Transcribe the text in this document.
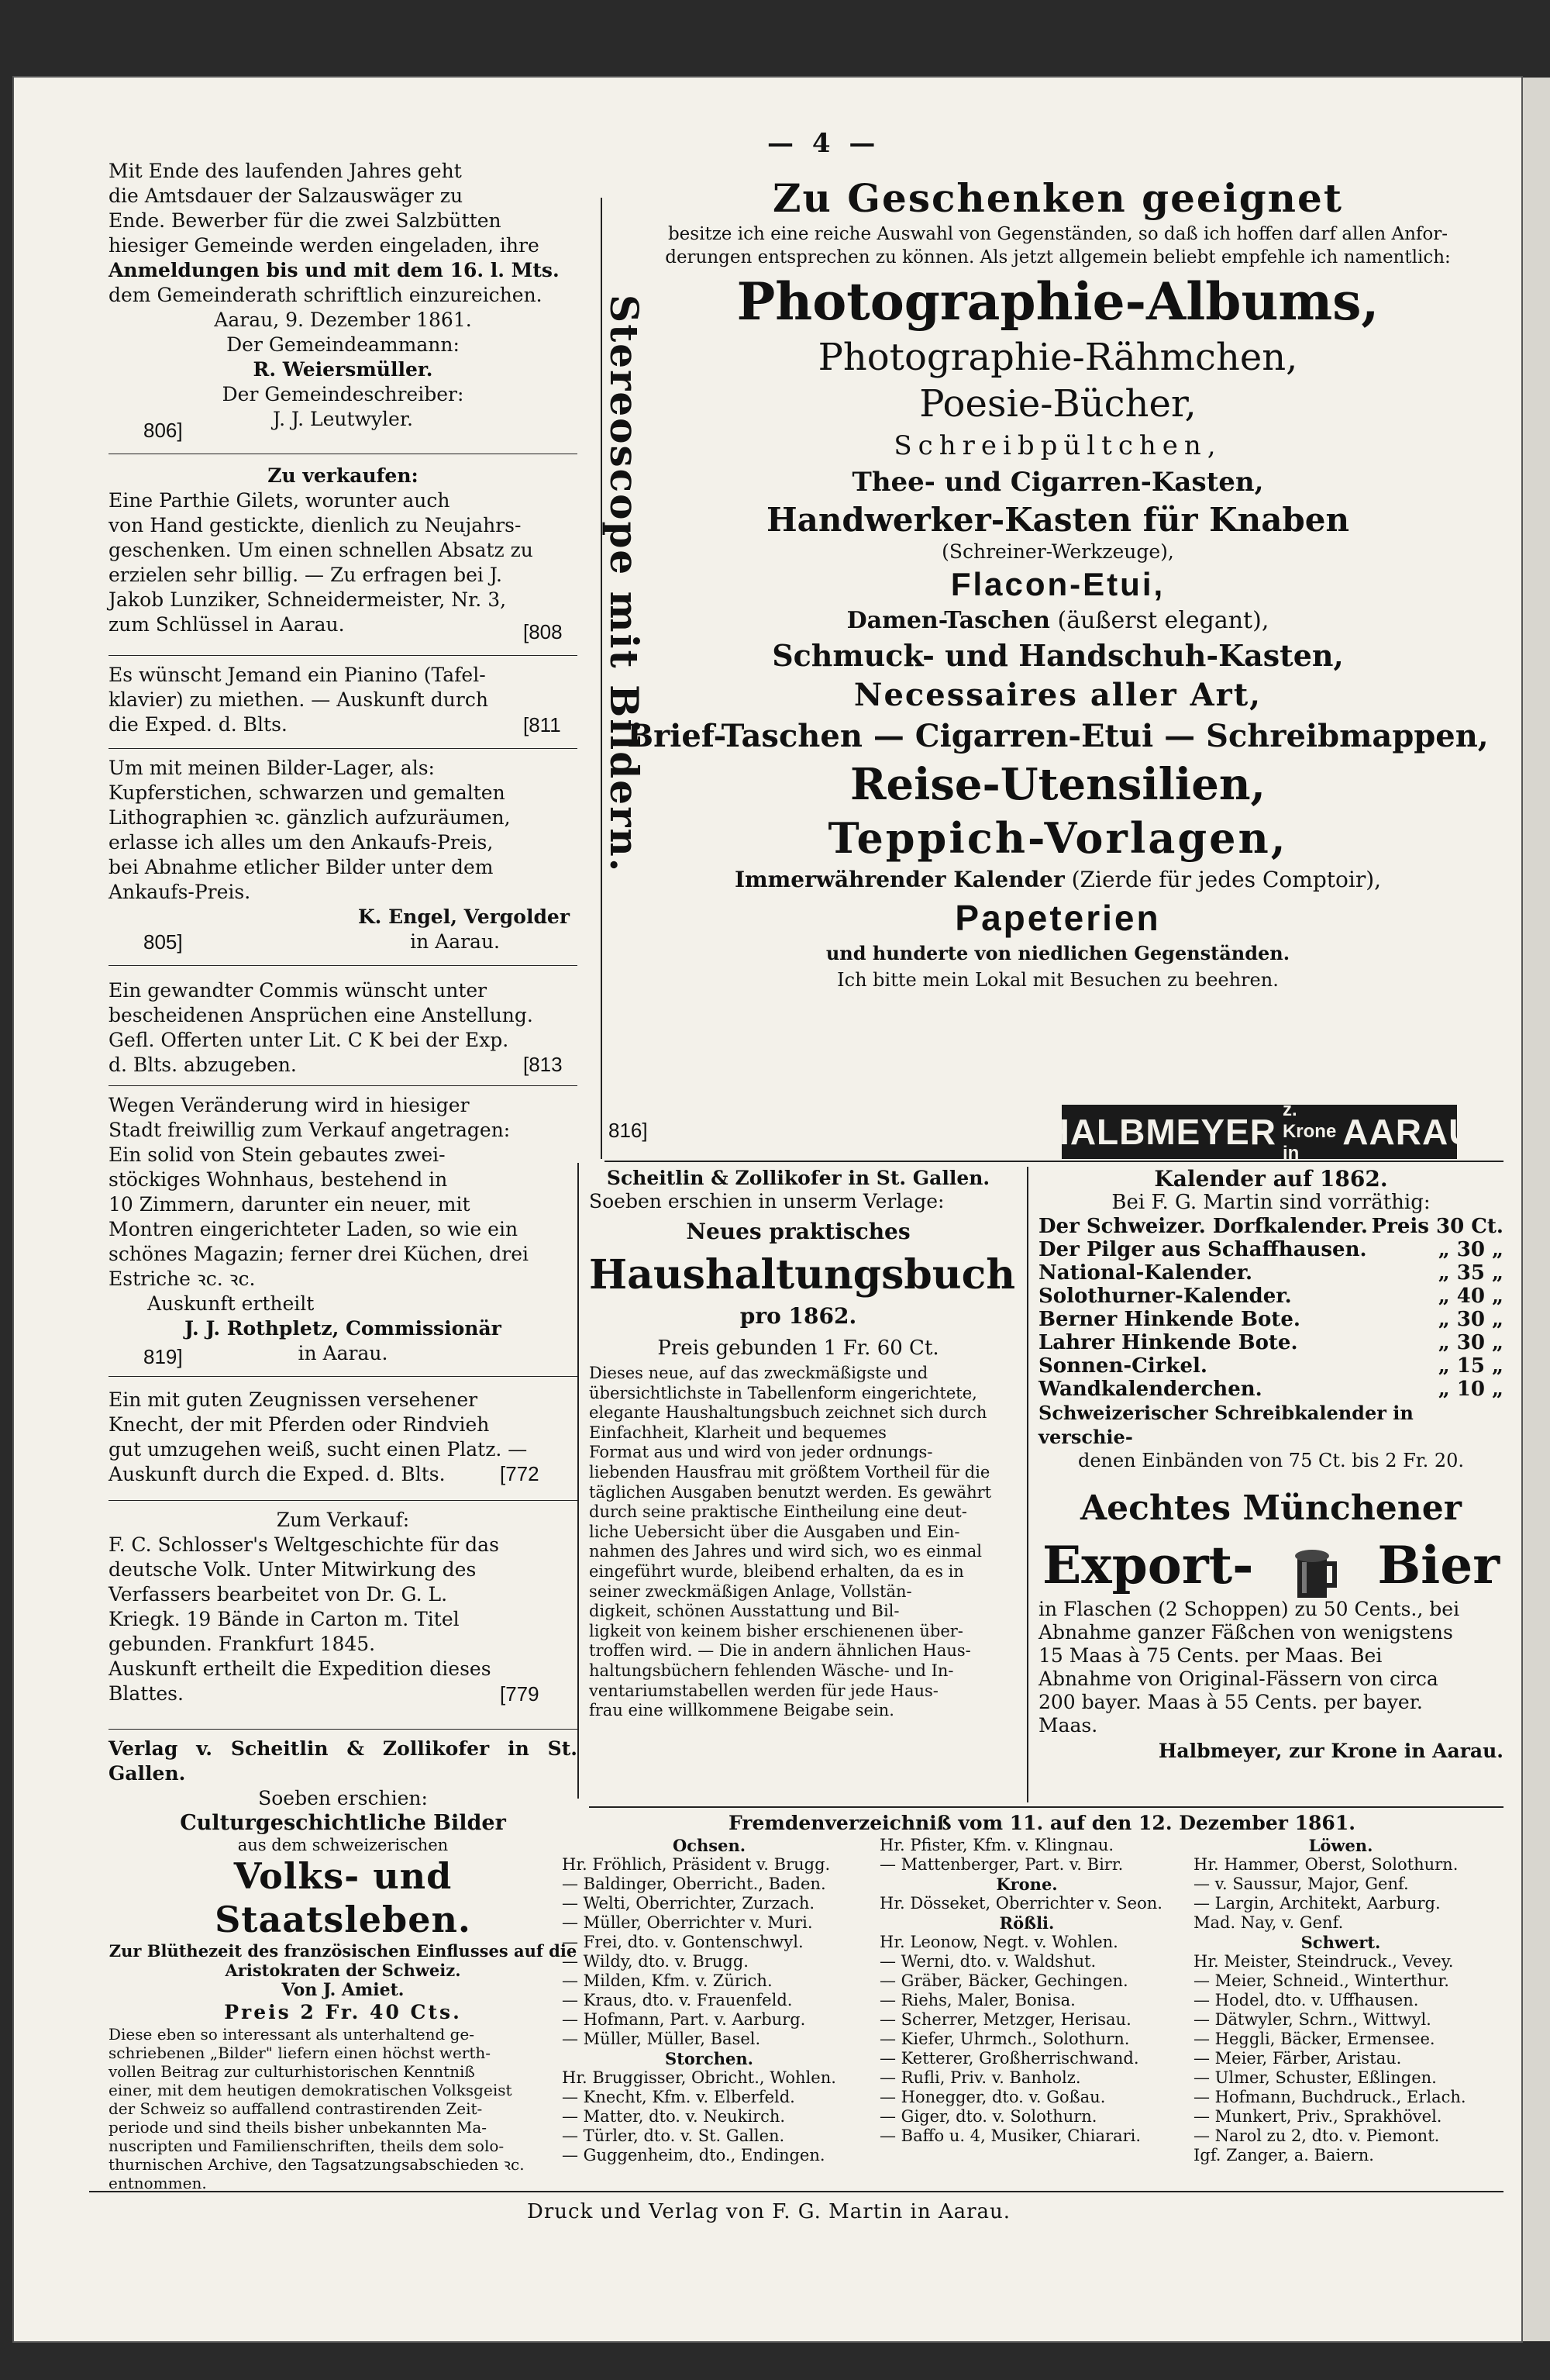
— 4 —

Mit Ende des laufenden Jahres geht

die Amtsdauer der Salzauswäger zu

Ende. Bewerber für die zwei Salzbütten

hiesiger Gemeinde werden eingeladen, ihre

Anmeldungen bis und mit dem 16. l. Mts.

dem Gemeinderath schriftlich einzureichen.

Aarau, 9. Dezember 1861.

Der Gemeindeammann:

R. Weiersmüller.

Der Gemeindeschreiber:

J. J. Leutwyler.

806]

Zu verkaufen:

Eine Parthie Gilets, worunter auch

von Hand gestickte, dienlich zu Neujahrs-

geschenken. Um einen schnellen Absatz zu

erzielen sehr billig. — Zu erfragen bei J.

Jakob Lunziker, Schneidermeister, Nr. 3,

zum Schlüssel in Aarau.	[808

Es wünscht Jemand ein Pianino (Tafel-

klavier) zu miethen. — Auskunft durch

die Exped. d. Blts.	[811

Um mit meinen Bilder-Lager, als:

Kupferstichen, schwarzen und gemalten

Lithographien ꝛc. gänzlich aufzuräumen,

erlasse ich alles um den Ankaufs-Preis,

bei Abnahme etlicher Bilder unter dem

Ankaufs-Preis.

K. Engel, Vergolder

in Aarau.

805]

Ein gewandter Commis wünscht unter

bescheidenen Ansprüchen eine Anstellung.

Gefl. Offerten unter Lit. C K bei der Exp.

d. Blts. abzugeben.	[813

Wegen Veränderung wird in hiesiger

Stadt freiwillig zum Verkauf angetragen:

Ein solid von Stein gebautes zwei-

stöckiges Wohnhaus, bestehend in

10 Zimmern, darunter ein neuer, mit

Montren eingerichteter Laden, so wie ein

schönes Magazin; ferner drei Küchen, drei

Estriche ꝛc. ꝛc.

Auskunft ertheilt

J. J. Rothpletz, Commissionär

in Aarau.

819]

Ein mit guten Zeugnissen versehener

Knecht, der mit Pferden oder Rindvieh

gut umzugehen weiß, sucht einen Platz. —

Auskunft durch die Exped. d. Blts.	[772

Zum Verkauf:

F. C. Schlosser's Weltgeschichte für das

deutsche Volk. Unter Mitwirkung des

Verfassers bearbeitet von Dr. G. L.

Kriegk. 19 Bände in Carton m. Titel

gebunden. Frankfurt 1845.

Auskunft ertheilt die Expedition dieses

Blattes.	[779

Verlag v. Scheitlin & Zollikofer in St. Gallen.

Soeben erschien:

Culturgeschichtliche Bilder

aus dem schweizerischen

Volks- und Staatsleben.

Zur Blüthezeit des französischen Einflusses auf die

Aristokraten der Schweiz.

Von J. Amiet.

Preis 2 Fr. 40 Cts.

Diese eben so interessant als unterhaltend ge-

schriebenen „Bilder" liefern einen höchst werth-

vollen Beitrag zur culturhistorischen Kenntniß

einer, mit dem heutigen demokratischen Volksgeist

der Schweiz so auffallend contrastirenden Zeit-

periode und sind theils bisher unbekannten Ma-

nuscripten und Familienschriften, theils dem solo-

thurnischen Archive, den Tagsatzungsabschieden ꝛc.

entnommen.

Stereoscope mit Bildern.
Zu Geschenken geeignet
besitze ich eine reiche Auswahl von Gegenständen, so daß ich hoffen darf allen Anfor-
derungen entsprechen zu können. Als jetzt allgemein beliebt empfehle ich namentlich:
Photographie-Albums,
Photographie-Rähmchen,
Poesie-Bücher,
Schreibpültchen,
Thee- und Cigarren-Kasten,
Handwerker-Kasten für Knaben
(Schreiner-Werkzeuge),
Flacon-Etui,
Damen-Taschen (äußerst elegant),
Schmuck- und Handschuh-Kasten,
Necessaires aller Art,
Brief-Taschen — Cigarren-Etui — Schreibmappen,
Reise-Utensilien,
Teppich-Vorlagen,
Immerwährender Kalender (Zierde für jedes Comptoir),
Papeterien
und hunderte von niedlichen Gegenständen.
Ich bitte mein Lokal mit Besuchen zu beehren.
816]	HALBMEYER
z. Krone in
AARAU
Scheitlin & Zollikofer in St. Gallen.
Soeben erschien in unserm Verlage:
Neues praktisches
Haushaltungsbuch
pro 1862.
Preis gebunden 1 Fr. 60 Ct.
Dieses neue, auf das zweckmäßigste und
übersichtlichste in Tabellenform eingerichtete,
elegante Haushaltungsbuch zeichnet sich durch
Einfachheit, Klarheit und bequemes
Format aus und wird von jeder ordnungs-
liebenden Hausfrau mit größtem Vortheil für die
täglichen Ausgaben benutzt werden. Es gewährt
durch seine praktische Eintheilung eine deut-
liche Uebersicht über die Ausgaben und Ein-
nahmen des Jahres und wird sich, wo es einmal
eingeführt wurde, bleibend erhalten, da es in
seiner zweckmäßigen Anlage, Vollstän-
digkeit, schönen Ausstattung und Bil-
ligkeit von keinem bisher erschienenen über-
troffen wird. — Die in andern ähnlichen Haus-
haltungsbüchern fehlenden Wäsche- und In-
ventariumstabellen werden für jede Haus-
frau eine willkommene Beigabe sein.
Kalender auf 1862.
Bei F. G. Martin sind vorräthig:
Der Schweizer. Dorfkalender. Preis 30 Ct.
Der Pilger aus Schaffhausen.	„ 30 „
National-Kalender.	„ 35 „
Solothurner-Kalender.	„ 40 „
Berner Hinkende Bote.	„ 30 „
Lahrer Hinkende Bote.	„ 30 „
Sonnen-Cirkel.	„ 15 „
Wandkalenderchen.	„ 10 „
Schweizerischer Schreibkalender in verschie-
denen Einbänden von 75 Ct. bis 2 Fr. 20.
Aechtes Münchener
Export- Bier
in Flaschen (2 Schoppen) zu 50 Cents., bei
Abnahme ganzer Fäßchen von wenigstens
15 Maas à 75 Cents. per Maas. Bei
Abnahme von Original-Fässern von circa
200 bayer. Maas à 55 Cents. per bayer.
Maas.
Halbmeyer, zur Krone in Aarau.
Fremdenverzeichniß vom 11. auf den 12. Dezember 1861.
Ochsen.
Hr. Fröhlich, Präsident v. Brugg.
— Baldinger, Oberricht., Baden.
— Welti, Oberrichter, Zurzach.
— Müller, Oberrichter v. Muri.
— Frei, dto. v. Gontenschwyl.
— Wildy, dto. v. Brugg.
— Milden, Kfm. v. Zürich.
— Kraus, dto. v. Frauenfeld.
— Hofmann, Part. v. Aarburg.
— Müller, Müller, Basel.
Storchen.
Hr. Bruggisser, Obricht., Wohlen.
— Knecht, Kfm. v. Elberfeld.
— Matter, dto. v. Neukirch.
— Türler, dto. v. St. Gallen.
— Guggenheim, dto., Endingen.
Hr. Pfister, Kfm. v. Klingnau.
— Mattenberger, Part. v. Birr.
Krone.
Hr. Dösseket, Oberrichter v. Seon.
Rößli.
Hr. Leonow, Negt. v. Wohlen.
— Werni, dto. v. Waldshut.
— Gräber, Bäcker, Gechingen.
— Riehs, Maler, Bonisa.
— Scherrer, Metzger, Herisau.
— Kiefer, Uhrmch., Solothurn.
— Ketterer, Großherrischwand.
— Rufli, Priv. v. Banholz.
— Honegger, dto. v. Goßau.
— Giger, dto. v. Solothurn.
— Baffo u. 4, Musiker, Chiarari.
Löwen.
Hr. Hammer, Oberst, Solothurn.
— v. Saussur, Major, Genf.
— Largin, Architekt, Aarburg.
Mad. Nay, v. Genf.
Schwert.
Hr. Meister, Steindruck., Vevey.
— Meier, Schneid., Winterthur.
— Hodel, dto. v. Uffhausen.
— Dätwyler, Schrn., Wittwyl.
— Heggli, Bäcker, Ermensee.
— Meier, Färber, Aristau.
— Ulmer, Schuster, Eßlingen.
— Hofmann, Buchdruck., Erlach.
— Munkert, Priv., Sprakhövel.
— Narol zu 2, dto. v. Piemont.
Igf. Zanger, a. Baiern.
Druck und Verlag von F. G. Martin in Aarau.
